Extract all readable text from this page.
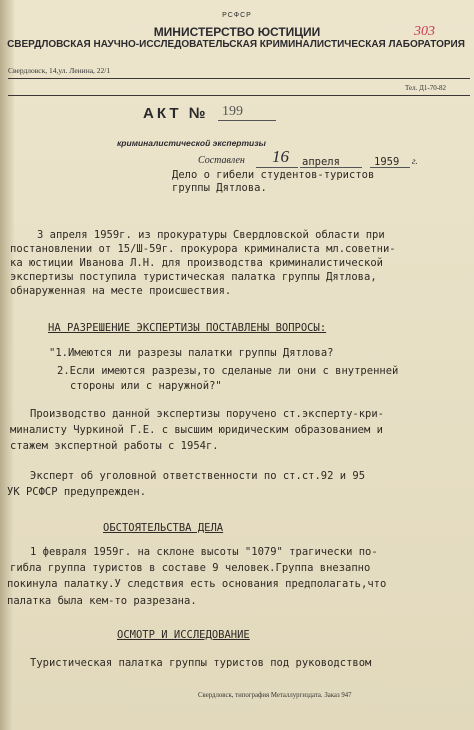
РСФСР
МИНИСТЕРСТВО ЮСТИЦИИ
СВЕРДЛОВСКАЯ НАУЧНО-ИССЛЕДОВАТЕЛЬСКАЯ КРИМИНАЛИСТИЧЕСКАЯ ЛАБОРАТОРИЯ
303
Свердловск, 14,ул. Ленина, 22/1
Тел. Д1-70-82
АКТ № 199
криминалистической экспертизы
Составлен 16 апреля	1959 г.
Дело о гибели студентов-туристов
группы Дятлова.
3 апреля 1959г. из прокуратуры Свердловской области при
постановлении от 15/Ш-59г. прокурора криминалиста мл.советни-
ка юстиции Иванова Л.Н. для производства криминалистической
экспертизы поступила туристическая палатка группы Дятлова,
обнаруженная на месте происшествия.
НА РАЗРЕШЕНИЕ ЭКСПЕРТИЗЫ ПОСТАВЛЕНЫ ВОПРОСЫ:
"1.Имеются ли разрезы палатки группы Дятлова?
2.Если имеются разрезы,то сделаные ли они с внутренней
стороны или с наружной?"
Производство данной экспертизы поручено ст.эксперту-кри-
миналисту Чуркиной Г.Е. с высшим юридическим образованием и
стажем экспертной работы с 1954г.
Эксперт об уголовной ответственности по ст.ст.92 и 95
УК РСФСР предупрежден.
ОБСТОЯТЕЛЬСТВА ДЕЛА
1 февраля 1959г. на склоне высоты "1079" трагически по-
гибла группа туристов в составе 9 человек.Группа внезапно
покинула палатку.У следствия есть основания предполагать,что
палатка была кем-то разрезана.
ОСМОТР И ИССЛЕДОВАНИЕ
Туристическая палатка группы туристов под руководством
Свердловск, типография Металлургиздата. Заказ 947
